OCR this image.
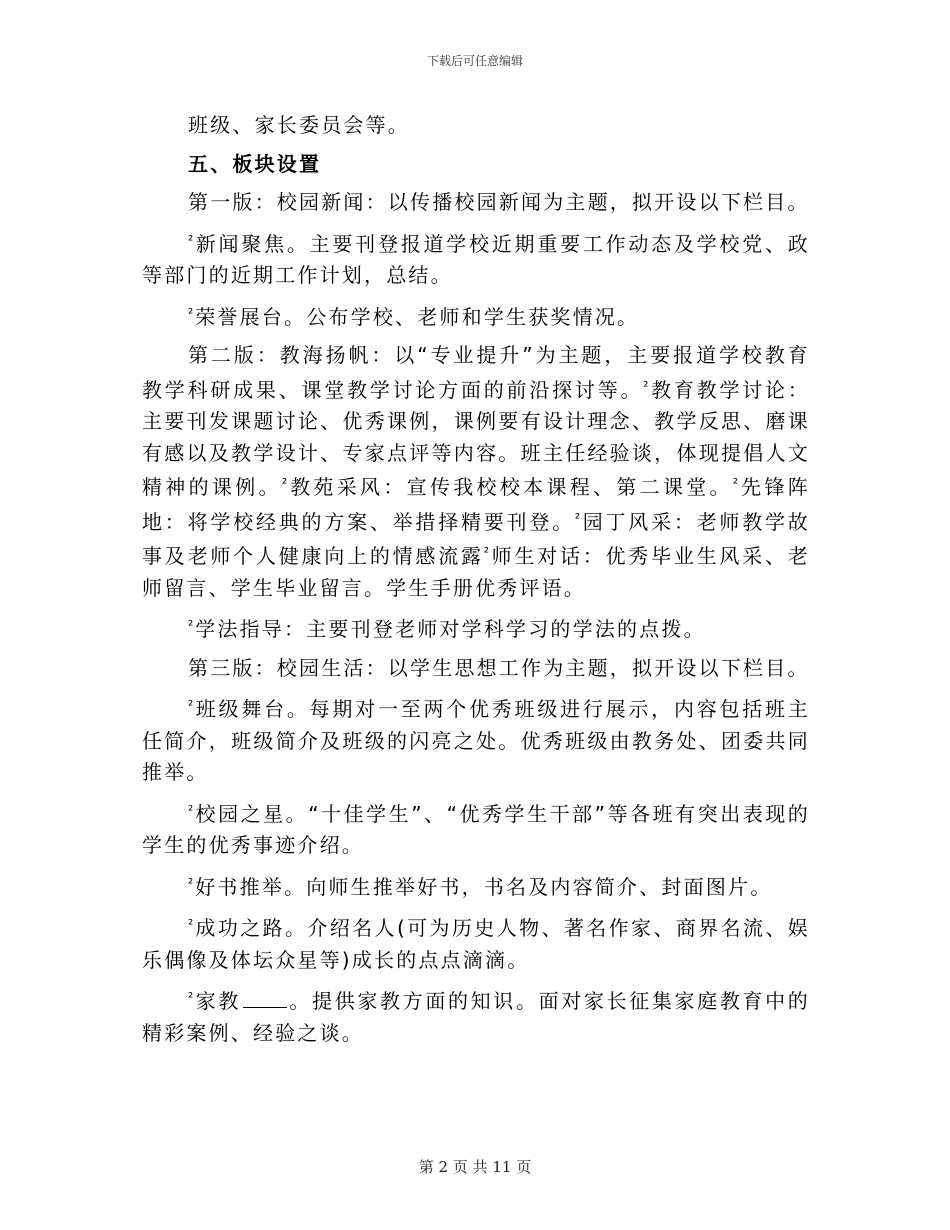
下载后可任意编辑

班级、家长委员会等。

五、板块设置

第一版：校园新闻：以传播校园新闻为主题，拟开设以下栏目。

$^{^2}$ 新闻聚焦。主要刊登报道学校近期重要工作动态及学校党、政等部门的近期工作计划，总结。

$^{^2}$ 荣誉展台。公布学校、老师和学生获奖情况。

第二版：教海扬帆：以“专业提升”为主题，主要报道学校教育教学科研成果、课堂教学讨论方面的前沿探讨等。$^{^2}$ 教育教学讨论：主要刊发课题讨论、优秀课例，课例要有设计理念、教学反思、磨课有感以及教学设计、专家点评等内容。班主任经验谈，体现提倡人文精神的课例。$^{^2}$ 教苑采风：宣传我校校本课程、第二课堂。$^{^2}$ 先锋阵地：将学校经典的方案、举措择精要刊登。$^{^2}$ 园丁风采：老师教学故事及老师个人健康向上的情感流露$^{^2}$ 师生对话：优秀毕业生风采、老师留言、学生毕业留言。学生手册优秀评语。

$^{^2}$ 学法指导：主要刊登老师对学科学习的学法的点拨。

第三版：校园生活：以学生思想工作为主题，拟开设以下栏目。

$^{^2}$ 班级舞台。每期对一至两个优秀班级进行展示，内容包括班主任简介，班级简介及班级的闪亮之处。优秀班级由教务处、团委共同推举。

$^{^2}$ 校园之星。“十佳学生”、“优秀学生干部”等各班有突出表现的学生的优秀事迹介绍。

$^{^2}$ 好书推举。向师生推举好书，书名及内容简介、封面图片。

$^{^2}$ 成功之路。介绍名人(可为历史人物、著名作家、商界名流、娱乐偶像及体坛众星等)成长的点点滴滴。

$^{^2}$ 家教 。提供家教方面的知识。面对家长征集家庭教育中的精彩案例、经验之谈。

第 2 页 共 11 页
